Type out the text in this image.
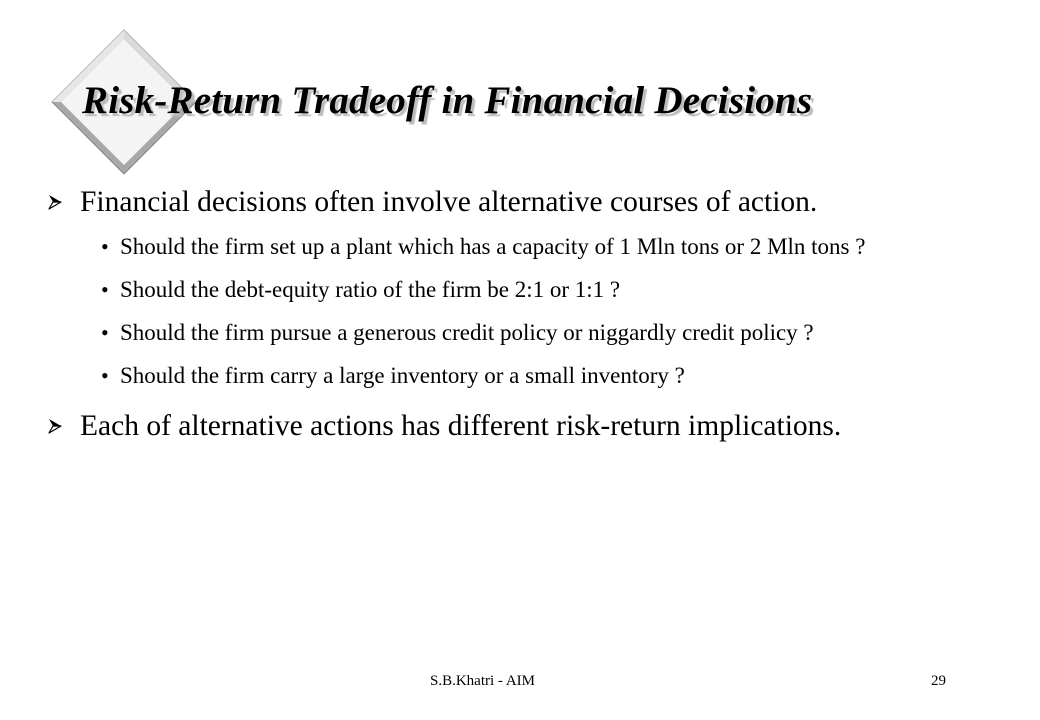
Risk-Return Tradeoff in Financial Decisions

Financial decisions often involve alternative courses of action.

• Should the firm set up a plant which has a capacity of 1 Mln tons or 2 Mln tons ?
• Should the debt-equity ratio of the firm be 2:1 or 1:1 ?
• Should the firm pursue a generous credit policy or niggardly credit policy ?
• Should the firm carry a large inventory or a small inventory ?

Each of alternative actions has different risk-return implications.

S.B.Khatri - AIM	29
